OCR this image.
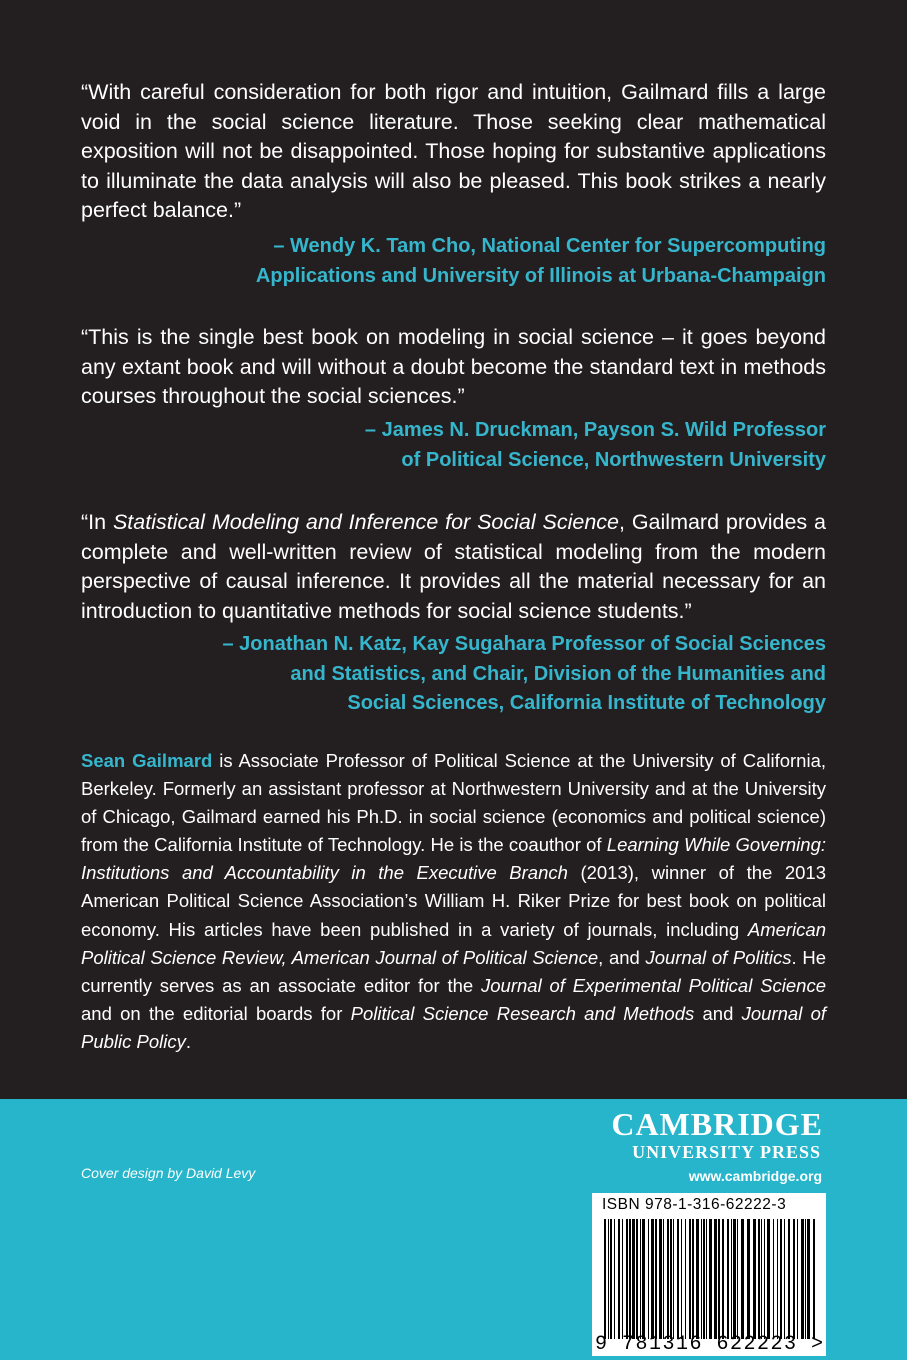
“With careful consideration for both rigor and intuition, Gailmard fills a large void in the social science literature. Those seeking clear mathematical exposition will not be disappointed. Those hoping for substantive applications to illuminate the data analysis will also be pleased. This book strikes a nearly perfect balance.”

– Wendy K. Tam Cho, National Center for Supercomputing
Applications and University of Illinois at Urbana-Champaign

“This is the single best book on modeling in social science – it goes beyond any extant book and will without a doubt become the standard text in methods courses throughout the social sciences.”

– James N. Druckman, Payson S. Wild Professor
of Political Science, Northwestern University

“In Statistical Modeling and Inference for Social Science, Gailmard provides a complete and well-written review of statistical modeling from the modern perspective of causal inference. It provides all the material necessary for an introduction to quantitative methods for social science students.”

– Jonathan N. Katz, Kay Sugahara Professor of Social Sciences
and Statistics, and Chair, Division of the Humanities and
Social Sciences, California Institute of Technology
Sean Gailmard is Associate Professor of Political Science at the University of California, Berkeley. Formerly an assistant professor at Northwestern University and at the University of Chicago, Gailmard earned his Ph.D. in social science (economics and political science) from the California Institute of Technology. He is the coauthor of Learning While Governing: Institutions and Accountability in the Executive Branch (2013), winner of the 2013 American Political Science Association’s William H. Riker Prize for best book on political economy. His articles have been published in a variety of journals, including American Political Science Review, American Journal of Political Science, and Journal of Politics. He currently serves as an associate editor for the Journal of Experimental Political Science and on the editorial boards for Political Science Research and Methods and Journal of Public Policy.
Cover design by David Levy
CAMBRIDGE
UNIVERSITY PRESS
www.cambridge.org
ISBN 978-1-316-62222-3
9 781316 622223 >
